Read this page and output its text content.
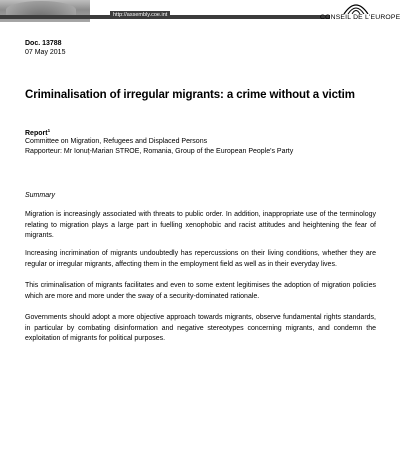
http://assembly.coe.int	CONSEIL DE L'EUROPE
Doc. 13788
07 May 2015
Criminalisation of irregular migrants: a crime without a victim
Report$^1$
Committee on Migration, Refugees and Displaced Persons
Rapporteur: Mr Ionuț-Marian STROE, Romania, Group of the European People's Party
Summary

Migration is increasingly associated with threats to public order. In addition, inappropriate use of the terminology relating to migration plays a large part in fuelling xenophobic and racist attitudes and heightening the fear of migrants.

Increasing incrimination of migrants undoubtedly has repercussions on their living conditions, whether they are regular or irregular migrants, affecting them in the employment field as well as in their everyday lives.

This criminalisation of migrants facilitates and even to some extent legitimises the adoption of migration policies which are more and more under the sway of a security-dominated rationale.

Governments should adopt a more objective approach towards migrants, observe fundamental rights standards, in particular by combating disinformation and negative stereotypes concerning migrants, and condemn the exploitation of migrants for political purposes.
